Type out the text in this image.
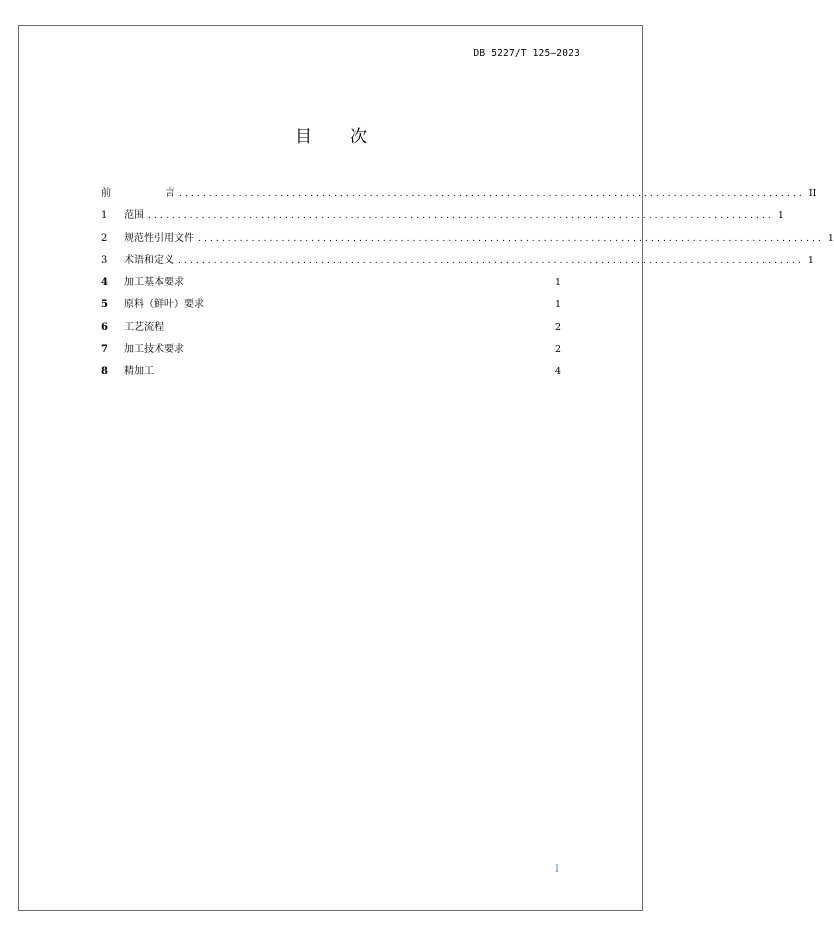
DB 5227/T 125—2023
目 次
前	言 ......................................................................................................... II
1	范围 ......................................................................................................... 1
2	规范性引用文件 ......................................................................................................... 1
3	术语和定义 ......................................................................................................... 1
4	加工基本要求	1
5	原料（鲜叶）要求	1
6	工艺流程	2
7	加工技术要求	2
8	精加工	4
I
